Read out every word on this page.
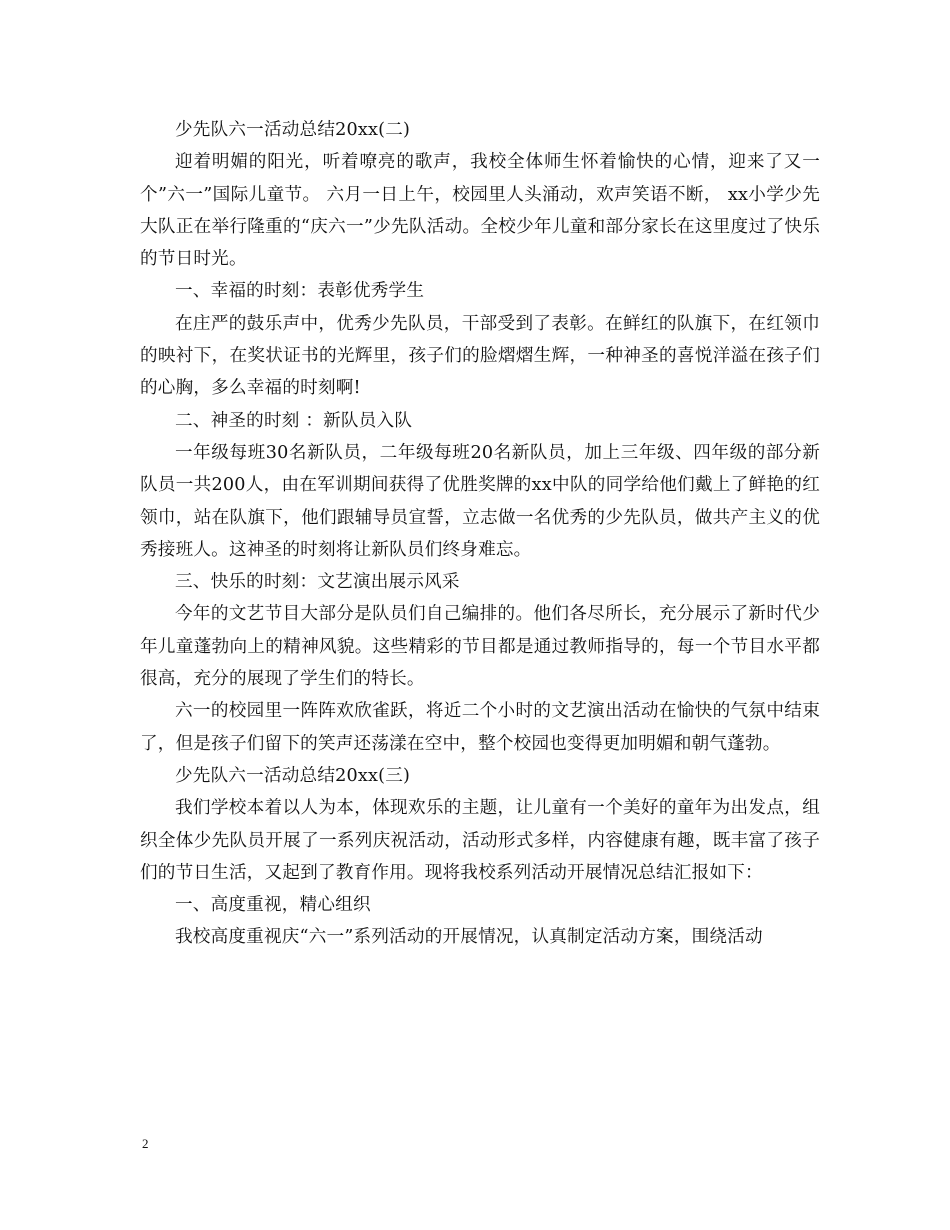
少先队六一活动总结20xx(二)

迎着明媚的阳光，听着嘹亮的歌声，我校全体师生怀着愉快的心情，迎来了又一个”六一”国际儿童节。 六月一日上午，校园里人头涌动，欢声笑语不断， xx小学少先大队正在举行隆重的“庆六一”少先队活动。全校少年儿童和部分家长在这里度过了快乐的节日时光。

一、幸福的时刻：表彰优秀学生

在庄严的鼓乐声中，优秀少先队员，干部受到了表彰。在鲜红的队旗下，在红领巾的映衬下，在奖状证书的光辉里，孩子们的脸熠熠生辉，一种神圣的喜悦洋溢在孩子们的心胸，多么幸福的时刻啊!

二、神圣的时刻 ：新队员入队

一年级每班30名新队员，二年级每班20名新队员，加上三年级、四年级的部分新队员一共200人，由在军训期间获得了优胜奖牌的xx中队的同学给他们戴上了鲜艳的红领巾，站在队旗下，他们跟辅导员宣誓，立志做一名优秀的少先队员，做共产主义的优秀接班人。这神圣的时刻将让新队员们终身难忘。

三、快乐的时刻：文艺演出展示风采

今年的文艺节目大部分是队员们自己编排的。他们各尽所长，充分展示了新时代少年儿童蓬勃向上的精神风貌。这些精彩的节目都是通过教师指导的，每一个节目水平都很高，充分的展现了学生们的特长。

六一的校园里一阵阵欢欣雀跃，将近二个小时的文艺演出活动在愉快的气氛中结束了，但是孩子们留下的笑声还荡漾在空中，整个校园也变得更加明媚和朝气蓬勃。

少先队六一活动总结20xx(三)

我们学校本着以人为本，体现欢乐的主题，让儿童有一个美好的童年为出发点，组织全体少先队员开展了一系列庆祝活动，活动形式多样，内容健康有趣，既丰富了孩子们的节日生活，又起到了教育作用。现将我校系列活动开展情况总结汇报如下：

一、高度重视，精心组织

我校高度重视庆“六一”系列活动的开展情况，认真制定活动方案，围绕活动

2
